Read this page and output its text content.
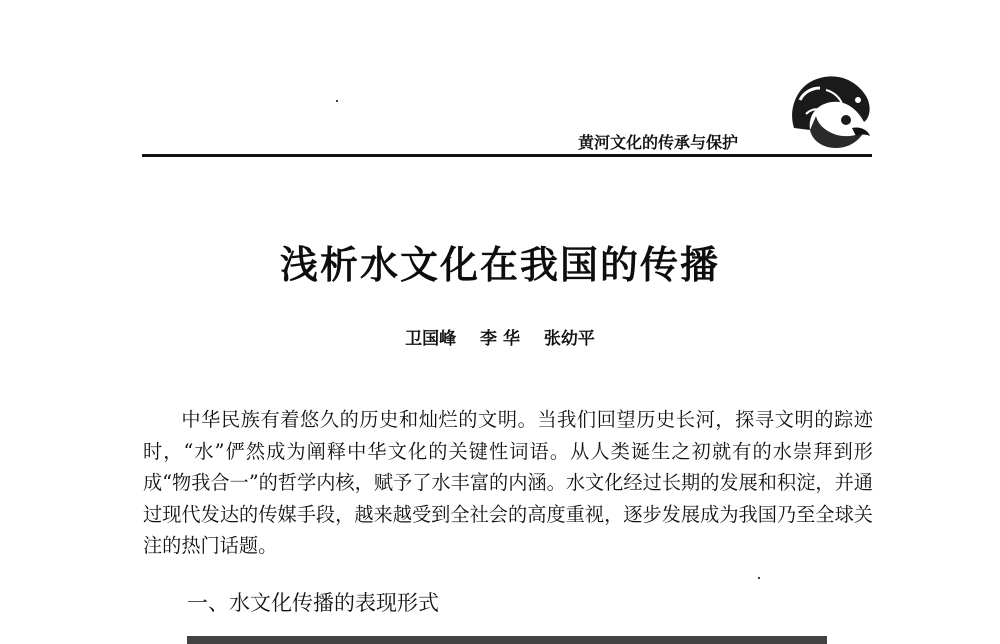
黄河文化的传承与保护
浅析水文化在我国的传播
卫国峰 李 华 张幼平

中华民族有着悠久的历史和灿烂的文明。当我们回望历史长河，探寻文明的踪迹时，“水”俨然成为阐释中华文化的关键性词语。从人类诞生之初就有的水崇拜到形成“物我合一”的哲学内核，赋予了水丰富的内涵。水文化经过长期的发展和积淀，并通过现代发达的传媒手段，越来越受到全社会的高度重视，逐步发展成为我国乃至全球关注的热门话题。

一、水文化传播的表现形式
